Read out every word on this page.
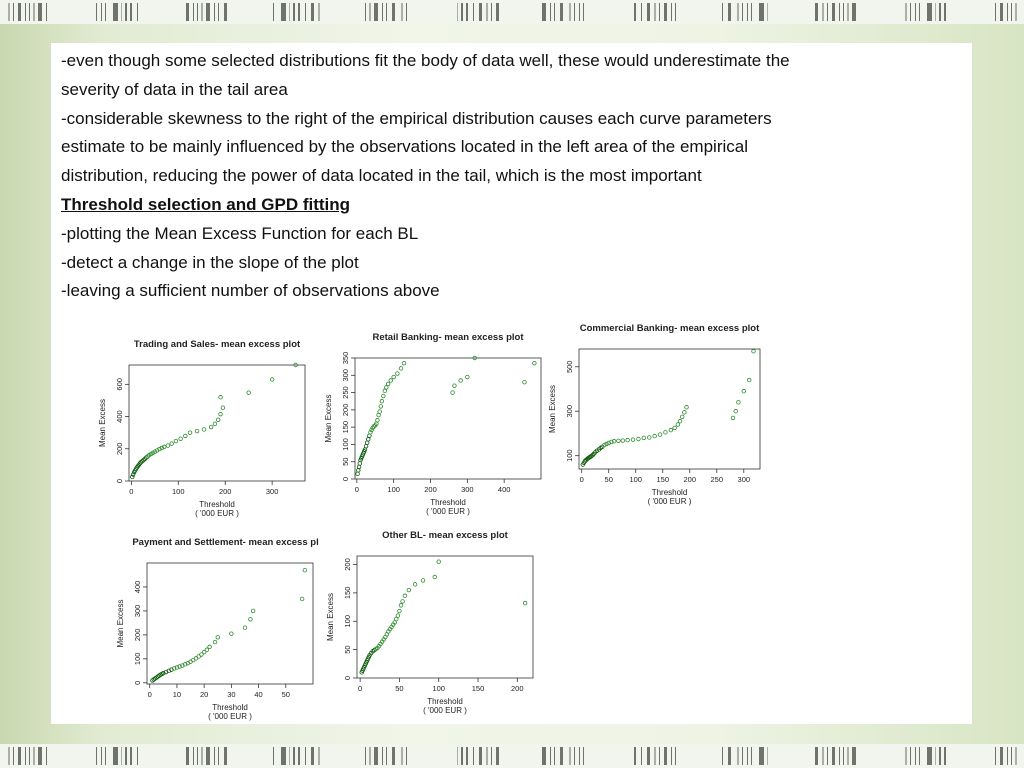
-even though some selected distributions fit the body of data well, these would underestimate the
severity of data in the tail area
-considerable skewness to the right of the empirical distribution causes each curve parameters
estimate to be mainly influenced by the observations located in the left area of the empirical
distribution, reducing the power of data located in the tail, which is the most important
Threshold selection and GPD fitting
-plotting the Mean Excess Function for each BL
-detect a change in the slope of the plot
-leaving a sufficient number of observations above
Trading and Sales- mean excess plot
0	100	200	300
0
200
400
600
Threshold
( '000 EUR )
Mean Excess
Retail Banking- mean excess plot
0	100	200	300	400
0
50
100
150
200
250
300
350
Threshold
( '000 EUR )
Mean Excess
Commercial Banking- mean excess plot
0	50 100 150 200 250 300
100
300
500
Threshold
( '000 EUR )
Mean Excess
Payment and Settlement- mean excess plot
0	10	20	30	40	50
0
100
200
300
400
Threshold
( '000 EUR )
Mean Excess
Other BL- mean excess plot
0	50	100	150	200
0
50
100
150
200
Threshold
( '000 EUR )
Mean Excess
